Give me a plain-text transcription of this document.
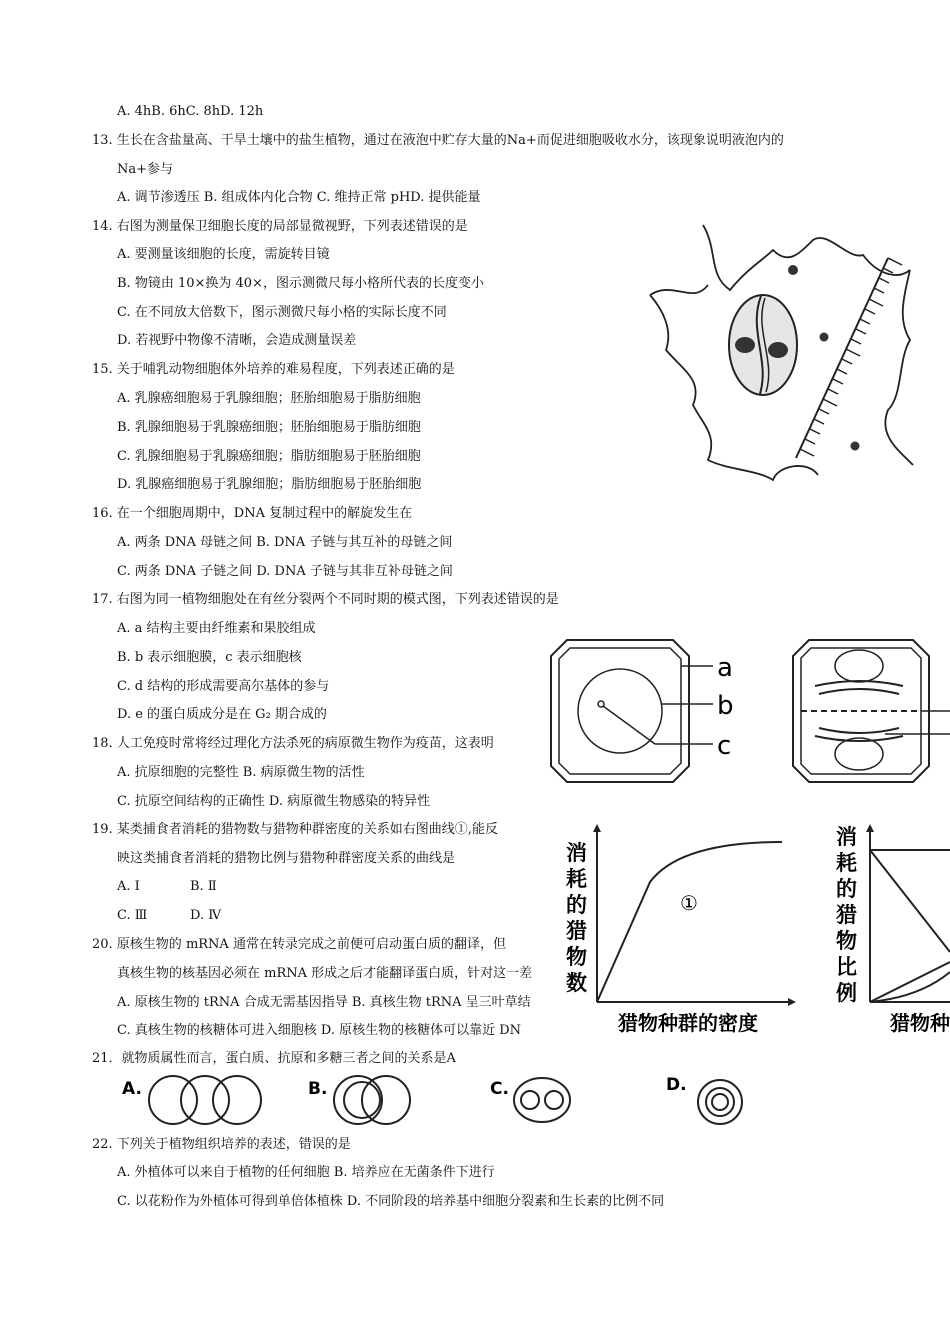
A. 4hB. 6hC. 8hD. 12h
13. 生长在含盐量高、干旱土壤中的盐生植物，通过在液泡中贮存大量的Na+而促进细胞吸收水分，该现象说明液泡内的
Na+参与
A. 调节渗透压 B. 组成体内化合物 C. 维持正常 pHD. 提供能量
14. 右图为测量保卫细胞长度的局部显微视野，下列表述错误的是
A. 要测量该细胞的长度，需旋转目镜
B. 物镜由 10×换为 40×，图示测微尺每小格所代表的长度变小
C. 在不同放大倍数下，图示测微尺每小格的实际长度不同
D. 若视野中物像不清晰，会造成测量误差
15. 关于哺乳动物细胞体外培养的难易程度，下列表述正确的是
A. 乳腺癌细胞易于乳腺细胞；胚胎细胞易于脂肪细胞
B. 乳腺细胞易于乳腺癌细胞；胚胎细胞易于脂肪细胞
C. 乳腺细胞易于乳腺癌细胞；脂肪细胞易于胚胎细胞
D. 乳腺癌细胞易于乳腺细胞；脂肪细胞易于胚胎细胞
16. 在一个细胞周期中，DNA 复制过程中的解旋发生在
A. 两条 DNA 母链之间 B. DNA 子链与其互补的母链之间
C. 两条 DNA 子链之间 D. DNA 子链与其非互补母链之间
17. 右图为同一植物细胞处在有丝分裂两个不同时期的模式图，下列表述错误的是
A. a 结构主要由纤维素和果胶组成
B. b 表示细胞膜，c 表示细胞核
C. d 结构的形成需要高尔基体的参与
D. e 的蛋白质成分是在 G₂ 期合成的
18. 人工免疫时常将经过理化方法杀死的病原微生物作为疫苗，这表明
A. 抗原细胞的完整性 B. 病原微生物的活性
C. 抗原空间结构的正确性 D. 病原微生物感染的特异性
19. 某类捕食者消耗的猎物数与猎物种群密度的关系如右图曲线①,能反
映这类捕食者消耗的猎物比例与猎物种群密度关系的曲线是
A. Ⅰ	B. Ⅱ
C. Ⅲ	D. Ⅳ
20. 原核生物的 mRNA 通常在转录完成之前便可启动蛋白质的翻译，但
真核生物的核基因必须在 mRNA 形成之后才能翻译蛋白质，针对这一差
A. 原核生物的 tRNA 合成无需基因指导 B. 真核生物 tRNA 呈三叶草结
C. 真核生物的核糖体可进入细胞核 D. 原核生物的核糖体可以靠近 DN
21．就物质属性而言，蛋白质、抗原和多糖三者之间的关系是A
22. 下列关于植物组织培养的表述，错误的是
A. 外植体可以来自于植物的任何细胞 B. 培养应在无菌条件下进行
C. 以花粉作为外植体可得到单倍体植株 D. 不同阶段的培养基中细胞分裂素和生长素的比例不同
a
b
c
消
耗
的
猎
物
数
①
猎物种群的密度
消
耗
的
猎
物
比
例
猎物种
A.	B.	C.	D.
